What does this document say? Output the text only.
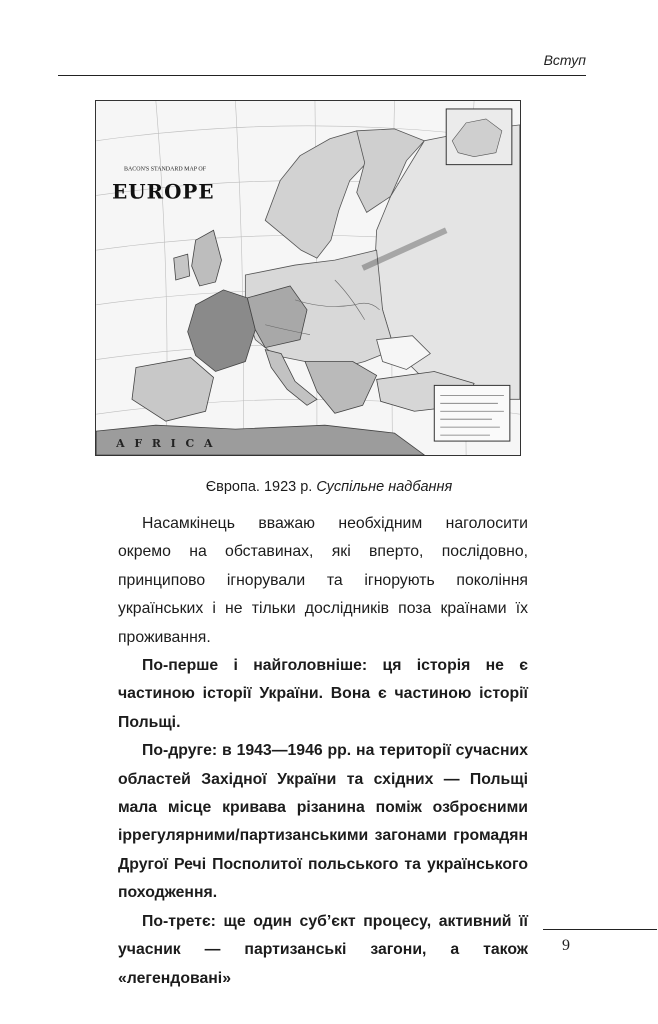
Вступ
BACON'S STANDARD MAP OF
EUROPE
A F R I C A
Європа. 1923 р. Суспільне надбання

Насамкінець вважаю необхідним наголосити окремо на обставинах, які вперто, послідовно, принципово ігнорували та ігнорують покоління українських і не тільки дослідників поза країнами їх проживання.

По-перше і найголовніше: ця історія не є частиною історії України. Вона є частиною історії Польщі.

По-друге: в 1943—1946 рр. на території сучасних областей Західної України та східних — Польщі мала місце кривава різанина поміж озброєними іррегулярними/партизанськими загонами громадян Другої Речі Посполитої польського та українського походження.

По-третє: ще один суб’єкт процесу, активний її учасник — партизанські загони, а також «легендовані»

9
